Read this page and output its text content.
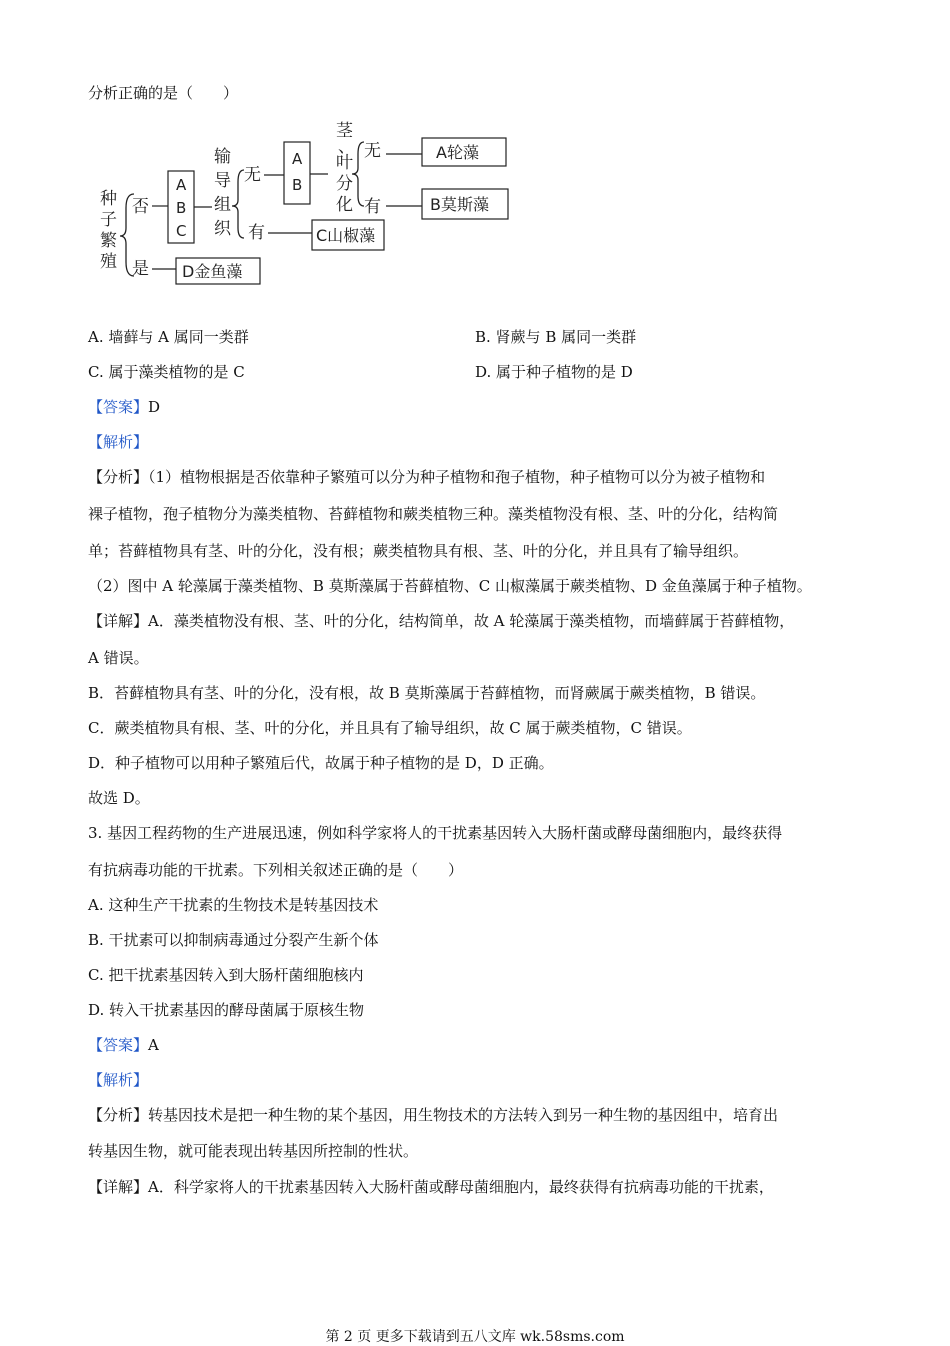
分析正确的是（　　）
种
子
繁
殖
否
是
A
B
C
输
导
组
织
无
有
A
B
茎
、
叶
分
化
无
有
A轮藻
B莫斯藻
C山椒藻
D金鱼藻
A. 墙藓与 A 属同一类群	B. 肾蕨与 B 属同一类群
C. 属于藻类植物的是 C	D. 属于种子植物的是 D
【答案】D
【解析】
【分析】（1）植物根据是否依靠种子繁殖可以分为种子植物和孢子植物，种子植物可以分为被子植物和
裸子植物，孢子植物分为藻类植物、苔藓植物和蕨类植物三种。藻类植物没有根、茎、叶的分化，结构简
单；苔藓植物具有茎、叶的分化，没有根；蕨类植物具有根、茎、叶的分化，并且具有了输导组织。
（2）图中 A 轮藻属于藻类植物、B 莫斯藻属于苔藓植物、C 山椒藻属于蕨类植物、D 金鱼藻属于种子植物。
【详解】A．藻类植物没有根、茎、叶的分化，结构简单，故 A 轮藻属于藻类植物，而墙藓属于苔藓植物，
A 错误。
B．苔藓植物具有茎、叶的分化，没有根，故 B 莫斯藻属于苔藓植物，而肾蕨属于蕨类植物，B 错误。
C．蕨类植物具有根、茎、叶的分化，并且具有了输导组织，故 C 属于蕨类植物，C 错误。
D．种子植物可以用种子繁殖后代，故属于种子植物的是 D，D 正确。
故选 D。
3. 基因工程药物的生产进展迅速，例如科学家将人的干扰素基因转入大肠杆菌或酵母菌细胞内，最终获得
有抗病毒功能的干扰素。下列相关叙述正确的是（　　）
A. 这种生产干扰素的生物技术是转基因技术
B. 干扰素可以抑制病毒通过分裂产生新个体
C. 把干扰素基因转入到大肠杆菌细胞核内
D. 转入干扰素基因的酵母菌属于原核生物
【答案】A
【解析】
【分析】转基因技术是把一种生物的某个基因，用生物技术的方法转入到另一种生物的基因组中，培育出
转基因生物，就可能表现出转基因所控制的性状。
【详解】A．科学家将人的干扰素基因转入大肠杆菌或酵母菌细胞内，最终获得有抗病毒功能的干扰素，
第 2 页 更多下载请到五八文库 wk.58sms.com
